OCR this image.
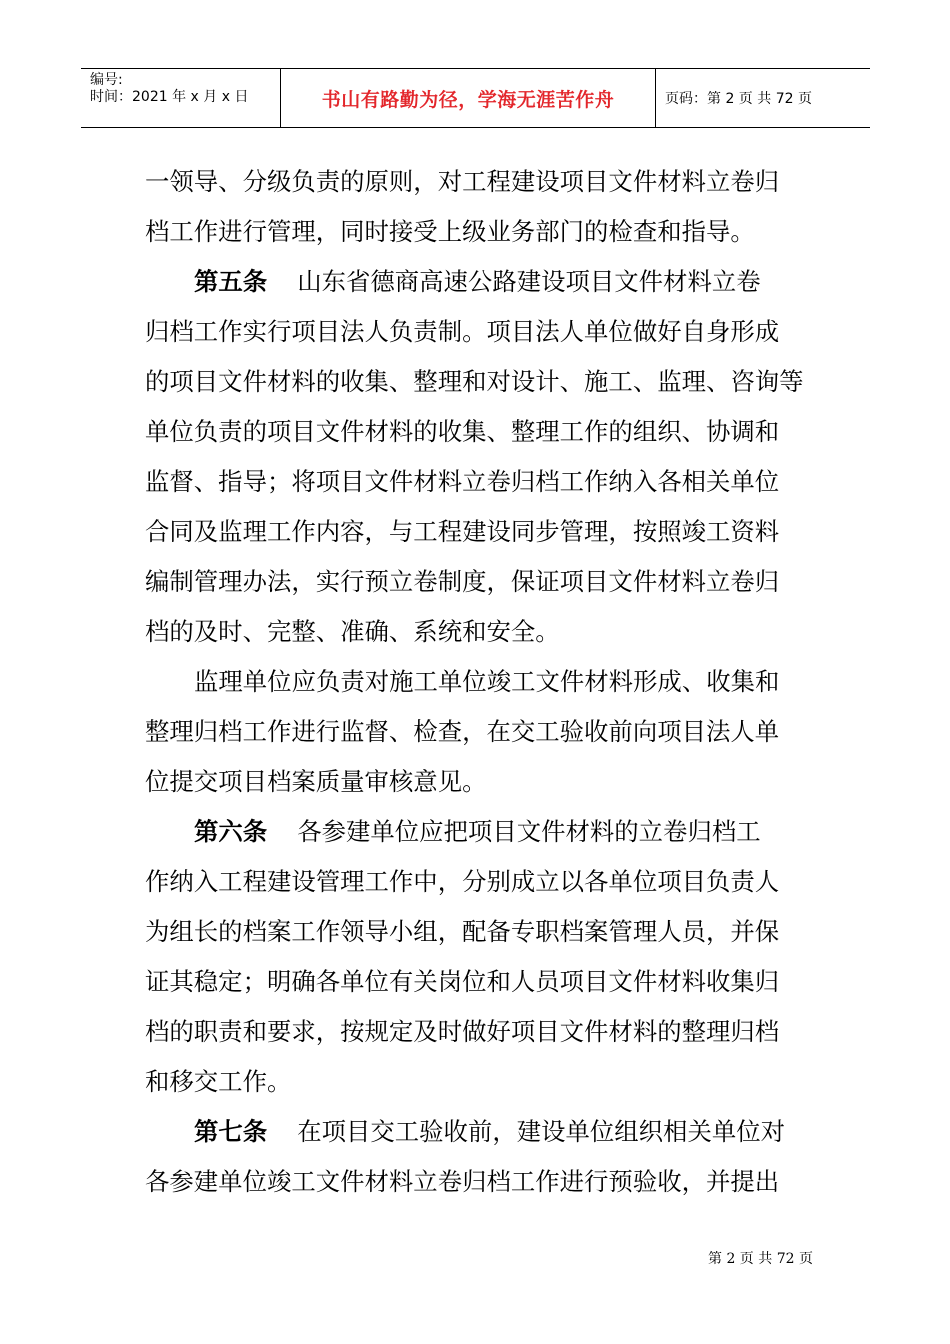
编号:
时间：2021 年 x 月 x 日	书山有路勤为径，学海无涯苦作舟	页码：第 2 页 共 72 页
一领导、分级负责的原则，对工程建设项目文件材料立卷归
档工作进行管理，同时接受上级业务部门的检查和指导。
第五条 山东省德商高速公路建设项目文件材料立卷
归档工作实行项目法人负责制。项目法人单位做好自身形成
的项目文件材料的收集、整理和对设计、施工、监理、咨询等
单位负责的项目文件材料的收集、整理工作的组织、协调和
监督、指导；将项目文件材料立卷归档工作纳入各相关单位
合同及监理工作内容，与工程建设同步管理，按照竣工资料
编制管理办法，实行预立卷制度，保证项目文件材料立卷归
档的及时、完整、准确、系统和安全。
监理单位应负责对施工单位竣工文件材料形成、收集和
整理归档工作进行监督、检查，在交工验收前向项目法人单
位提交项目档案质量审核意见。
第六条 各参建单位应把项目文件材料的立卷归档工
作纳入工程建设管理工作中，分别成立以各单位项目负责人
为组长的档案工作领导小组，配备专职档案管理人员，并保
证其稳定；明确各单位有关岗位和人员项目文件材料收集归
档的职责和要求，按规定及时做好项目文件材料的整理归档
和移交工作。
第七条 在项目交工验收前，建设单位组织相关单位对
各参建单位竣工文件材料立卷归档工作进行预验收，并提出
第 2 页 共 72 页
